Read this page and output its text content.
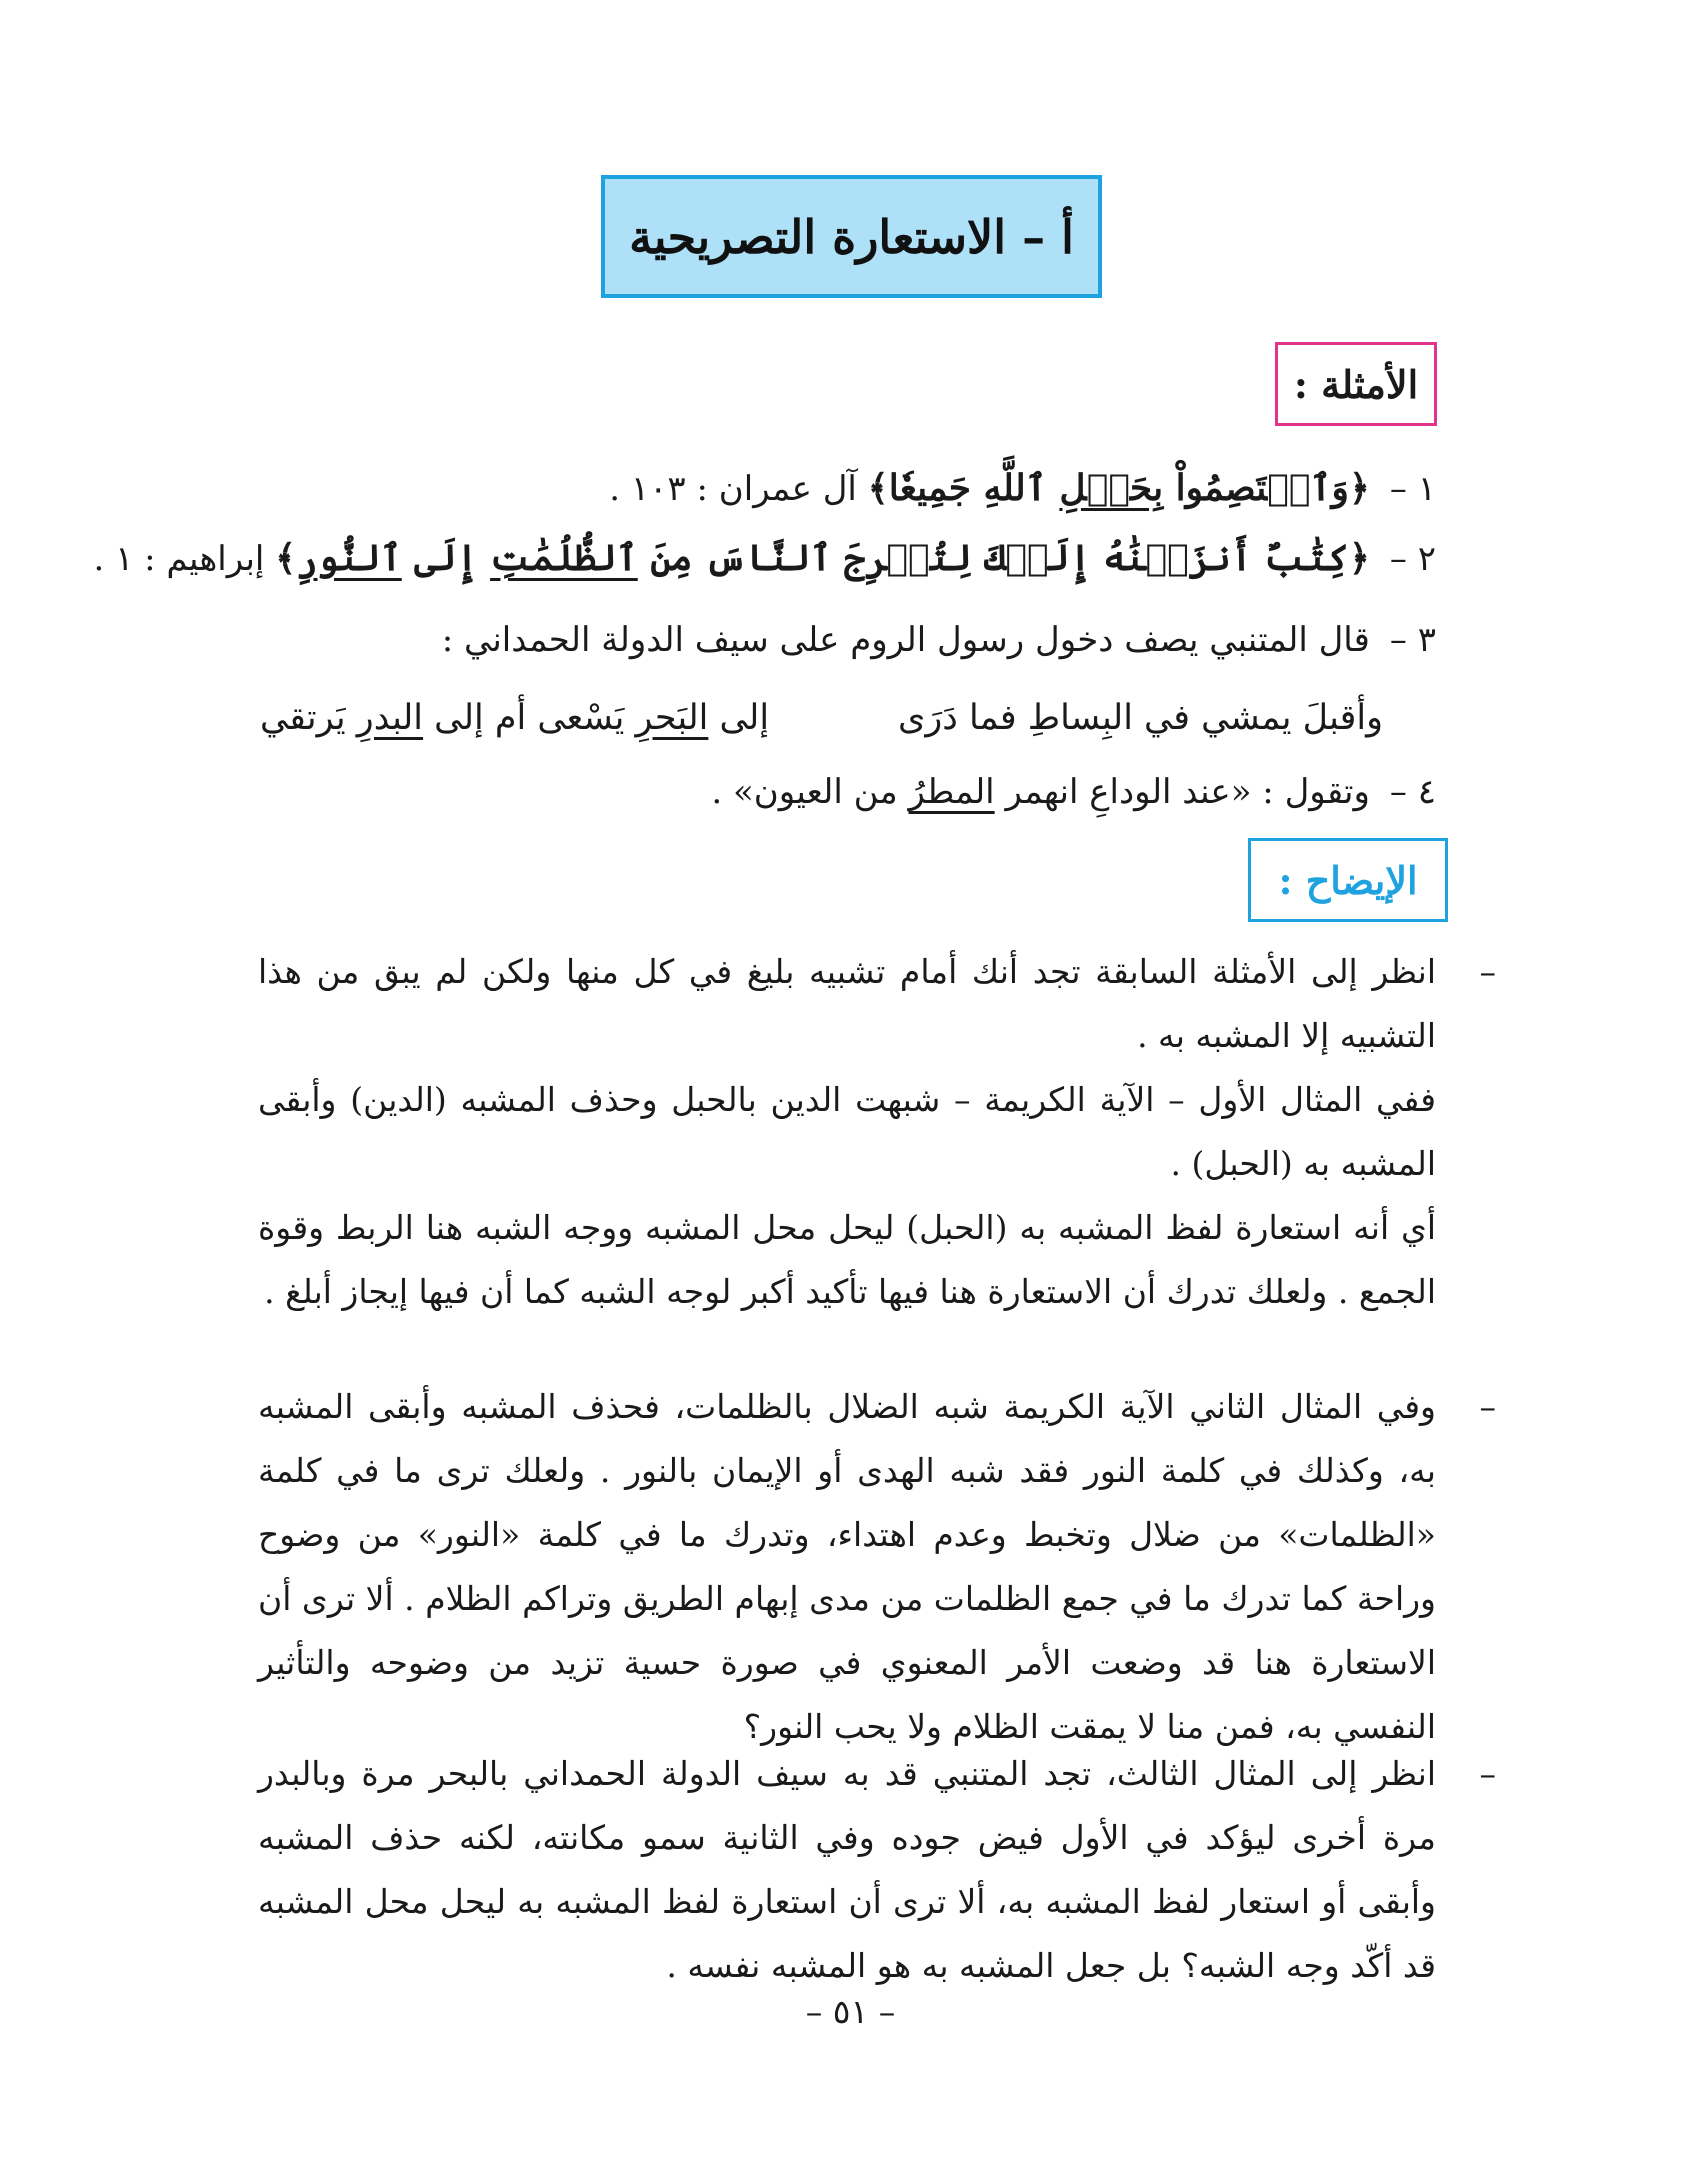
أ – الاستعارة التصريحية
الأمثلة :
١ –﴿وَٱعۡتَصِمُواْ بِحَبۡلِ ٱللَّهِ جَمِيعٗا﴾ آل عمران : ١٠٣ .
٢ –﴿كِتَٰبٌ أَنزَلۡنَٰهُ إِلَيۡكَ لِتُخۡرِجَ ٱلنَّاسَ مِنَ ٱلظُّلُمَٰتِ إِلَى ٱلنُّورِ﴾ إبراهيم : ١ .
٣ –قال المتنبي يصف دخول رسول الروم على سيف الدولة الحمداني :
وأقبلَ يمشي في البِساطِ فما دَرَى
إلى البَحرِ يَسْعى أم إلى البدرِ يَرتقي
٤ –وتقول : «عند الوداعِ انهمر المطرُ من العيون» .
الإيضاح :
–
انظر إلى الأمثلة السابقة تجد أنك أمام تشبيه بليغ في كل منها ولكن لم يبق من هذا التشبيه إلا المشبه به .
ففي المثال الأول – الآية الكريمة – شبهت الدين بالحبل وحذف المشبه (الدين) وأبقى المشبه به (الحبل) .
أي أنه استعارة لفظ المشبه به (الحبل) ليحل محل المشبه ووجه الشبه هنا الربط وقوة الجمع . ولعلك تدرك أن الاستعارة هنا فيها تأكيد أكبر لوجه الشبه كما أن فيها إيجاز أبلغ .
–
وفي المثال الثاني الآية الكريمة شبه الضلال بالظلمات، فحذف المشبه وأبقى المشبه به، وكذلك في كلمة النور فقد شبه الهدى أو الإيمان بالنور . ولعلك ترى ما في كلمة «الظلمات» من ضلال وتخبط وعدم اهتداء، وتدرك ما في كلمة «النور» من وضوح وراحة كما تدرك ما في جمع الظلمات من مدى إبهام الطريق وتراكم الظلام . ألا ترى أن الاستعارة هنا قد وضعت الأمر المعنوي في صورة حسية تزيد من وضوحه والتأثير النفسي به، فمن منا لا يمقت الظلام ولا يحب النور؟
–
انظر إلى المثال الثالث، تجد المتنبي قد به سيف الدولة الحمداني بالبحر مرة وبالبدر مرة أخرى ليؤكد في الأول فيض جوده وفي الثانية سمو مكانته، لكنه حذف المشبه وأبقى أو استعار لفظ المشبه به، ألا ترى أن استعارة لفظ المشبه به ليحل محل المشبه قد أكّد وجه الشبه؟ بل جعل المشبه به هو المشبه نفسه .
– ٥١ –
